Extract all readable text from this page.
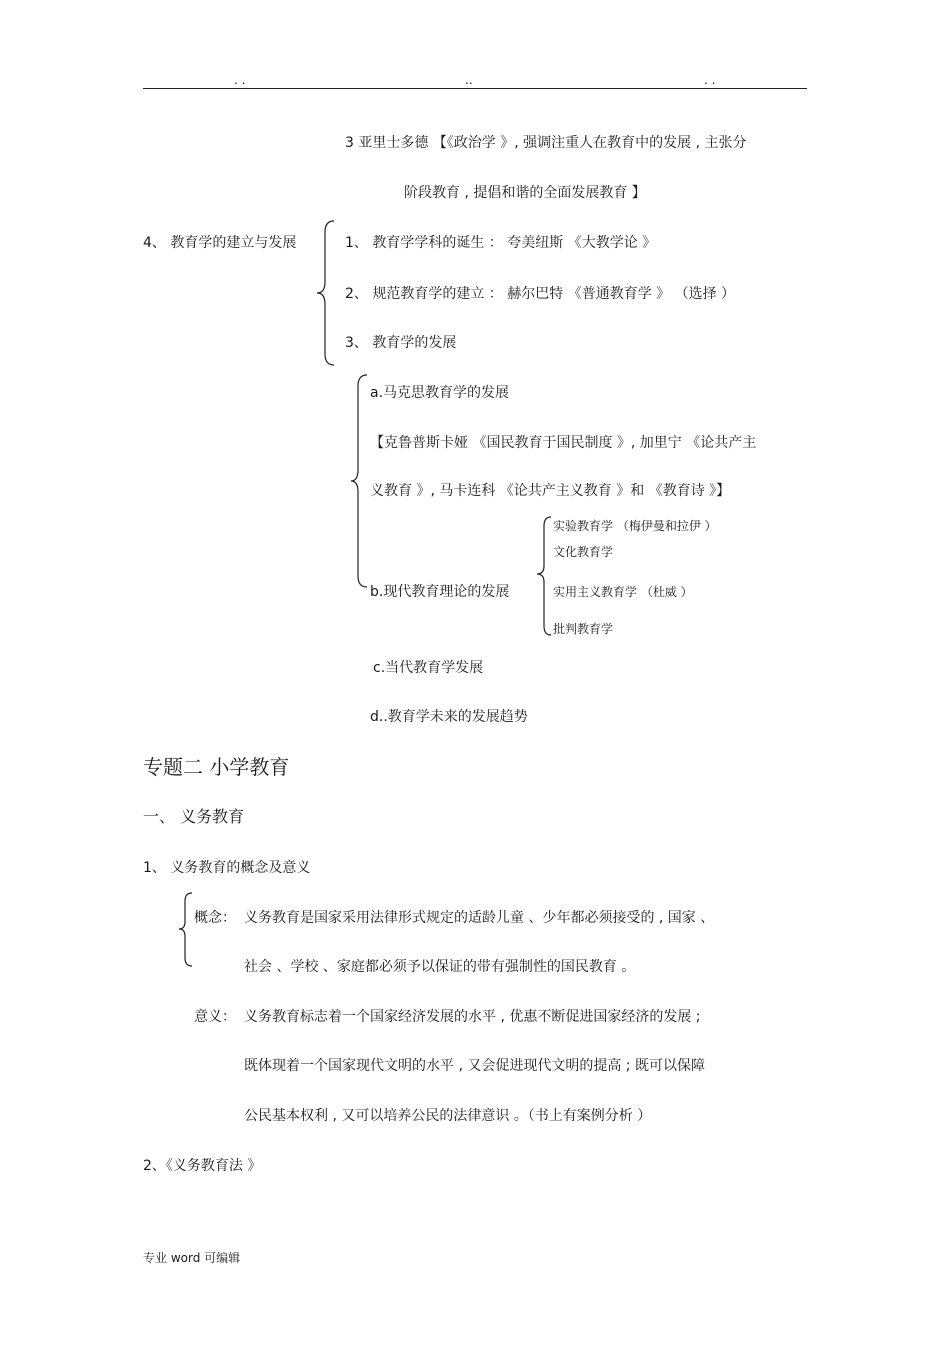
. .	..	. .
3 亚里士多德 【《政治学 》, 强调注重人在教育中的发展 , 主张分
阶段教育 , 提倡和谐的全面发展教育 】
4、 教育学的建立与发展	1、 教育学学科的诞生 ： 夸美纽斯 《大教学论 》
2、 规范教育学的建立 ： 赫尔巴特 《普通教育学 》 （选择 ）
3、 教育学的发展
a.马克思教育学的发展
【克鲁普斯卡娅 《国民教育于国民制度 》, 加里宁 《论共产主
义教育 》, 马卡连科 《论共产主义教育 》和 《教育诗 》】
实验教育学 （梅伊曼和拉伊 ）
文化教育学
b.现代教育理论的发展	实用主义教育学 （杜威 ）
批判教育学
c.当代教育学发展
d..教育学未来的发展趋势
专题二 小学教育
一、 义务教育
1、 义务教育的概念及意义
概念： 义务教育是国家采用法律形式规定的适龄儿童 、少年都必须接受的 , 国家 、
社会 、学校 、家庭都必须予以保证的带有强制性的国民教育 。
意义： 义务教育标志着一个国家经济发展的水平 , 优惠不断促进国家经济的发展 ;
既体现着一个国家现代文明的水平 , 又会促进现代文明的提高 ; 既可以保障
公民基本权利 , 又可以培养公民的法律意识 。（书上有案例分析 ）
2、《义务教育法 》
专业 word 可编辑
